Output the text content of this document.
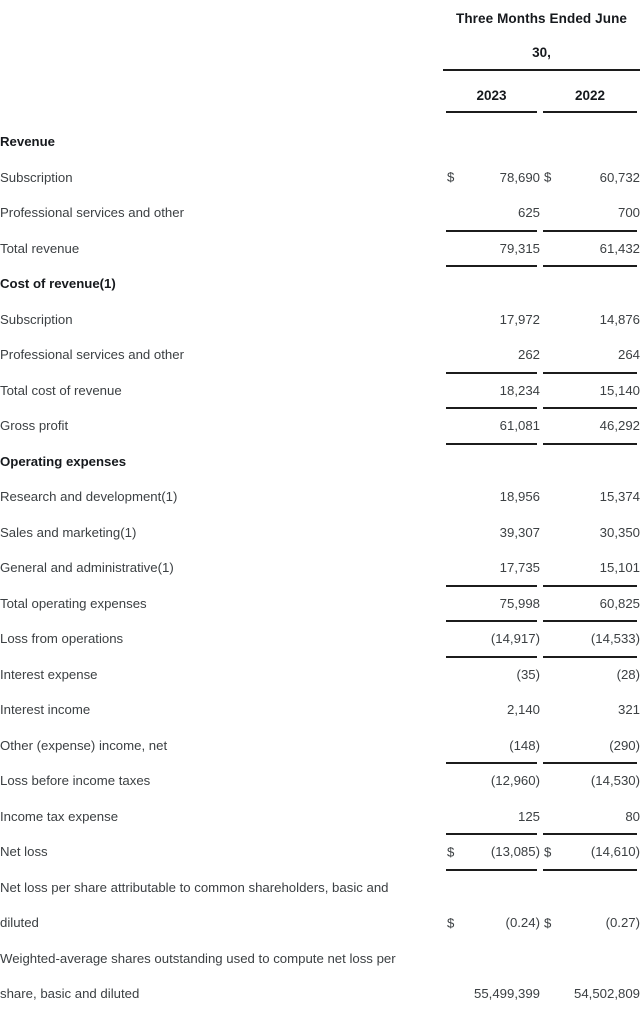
	Three Months Ended June	
	30,	

	2023	2022

Revenue		
Subscription	$ 78,690	$ 60,732
Professional services and other	625	700
Total revenue	79,315	61,432
Cost of revenue(1)		
Subscription	17,972	14,876
Professional services and other	262	264
Total cost of revenue	18,234	15,140
Gross profit	61,081	46,292
Operating expenses		
Research and development(1)	18,956	15,374
Sales and marketing(1)	39,307	30,350
General and administrative(1)	17,735	15,101
Total operating expenses	75,998	60,825
Loss from operations	(14,917)	(14,533)
Interest expense	(35)	(28)
Interest income	2,140	321
Other (expense) income, net	(148)	(290)
Loss before income taxes	(12,960)	(14,530)
Income tax expense	125	80
Net loss	$ (13,085)	$ (14,610)
Net loss per share attributable to common shareholders, basic and		
diluted	$ (0.24)	$ (0.27)
Weighted-average shares outstanding used to compute net loss per		
share, basic and diluted	55,499,399	54,502,809
